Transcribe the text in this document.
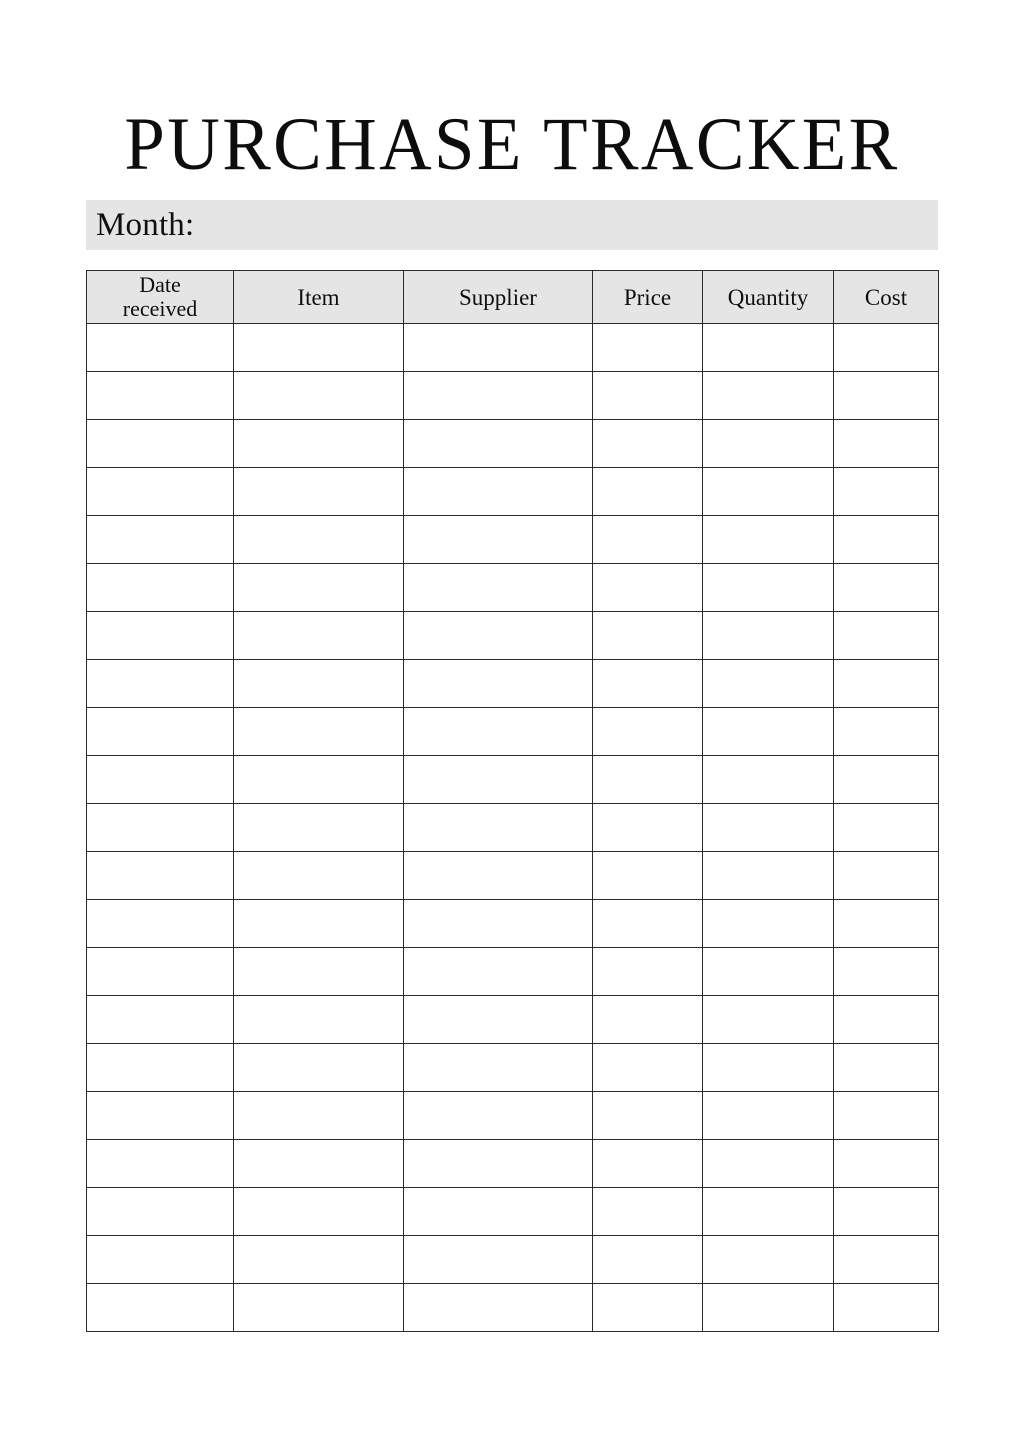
PURCHASE TRACKER
Month:
Date
received	Item	Supplier	Price	Quantity	Cost
